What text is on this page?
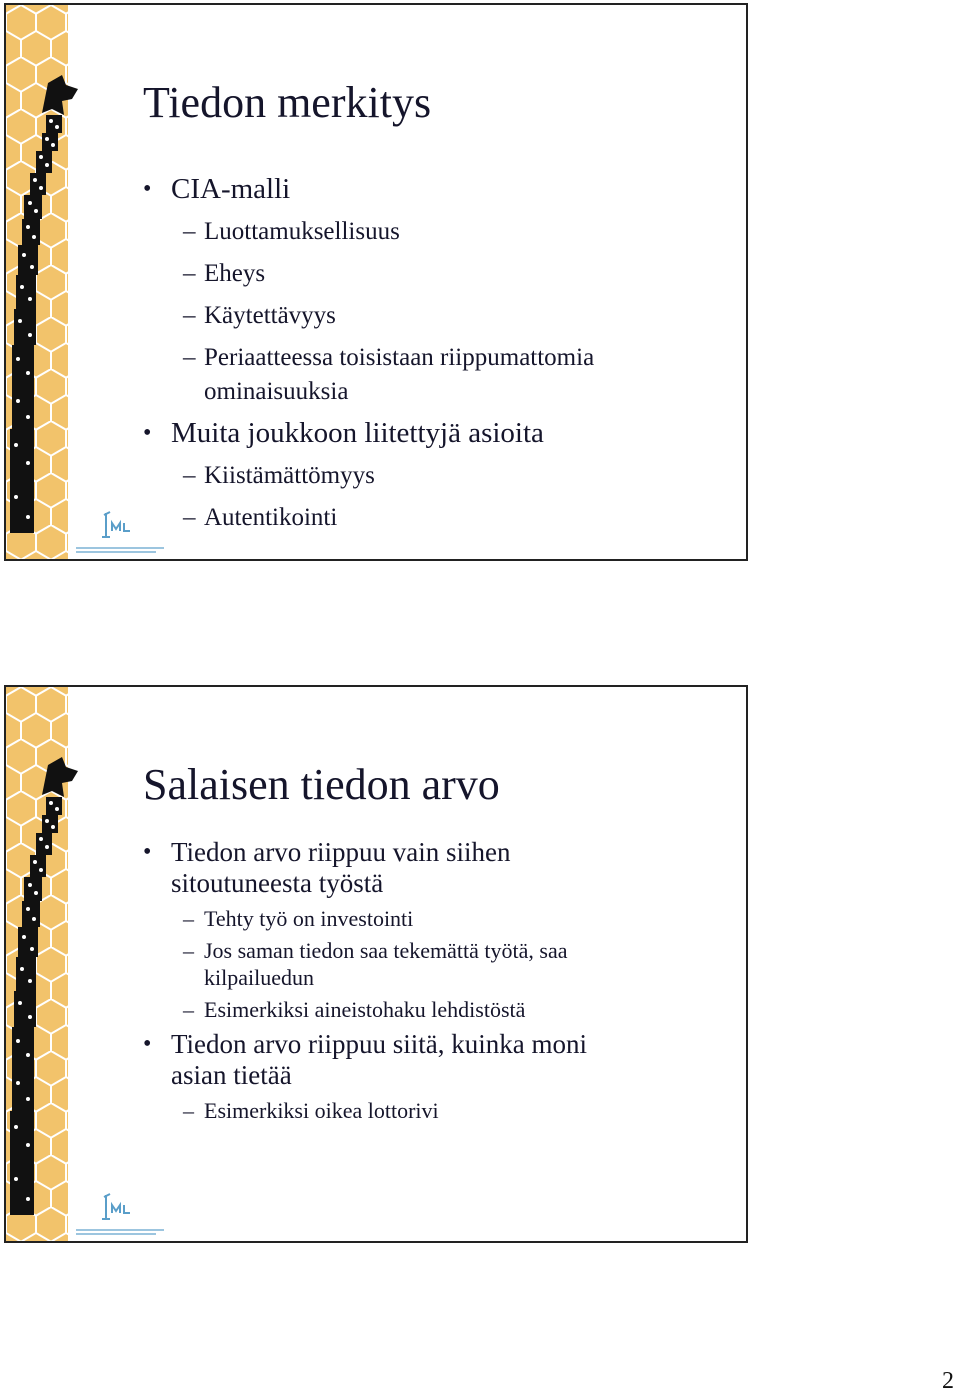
Tiedon merkitys
• CIA-malli
– Luottamuksellisuus
– Eheys
– Käytettävyys
– Periaatteessa toisistaan riippumattomia ominaisuuksia
• Muita joukkoon liitettyjä asioita
– Kiistämättömyys
– Autentikointi
Salaisen tiedon arvo
• Tiedon arvo riippuu vain siihen sitoutuneesta työstä
– Tehty työ on investointi
– Jos saman tiedon saa tekemättä työtä, saa kilpailuedun
– Esimerkiksi aineistohaku lehdistöstä
• Tiedon arvo riippuu siitä, kuinka moni asian tietää
– Esimerkiksi oikea lottorivi
2
